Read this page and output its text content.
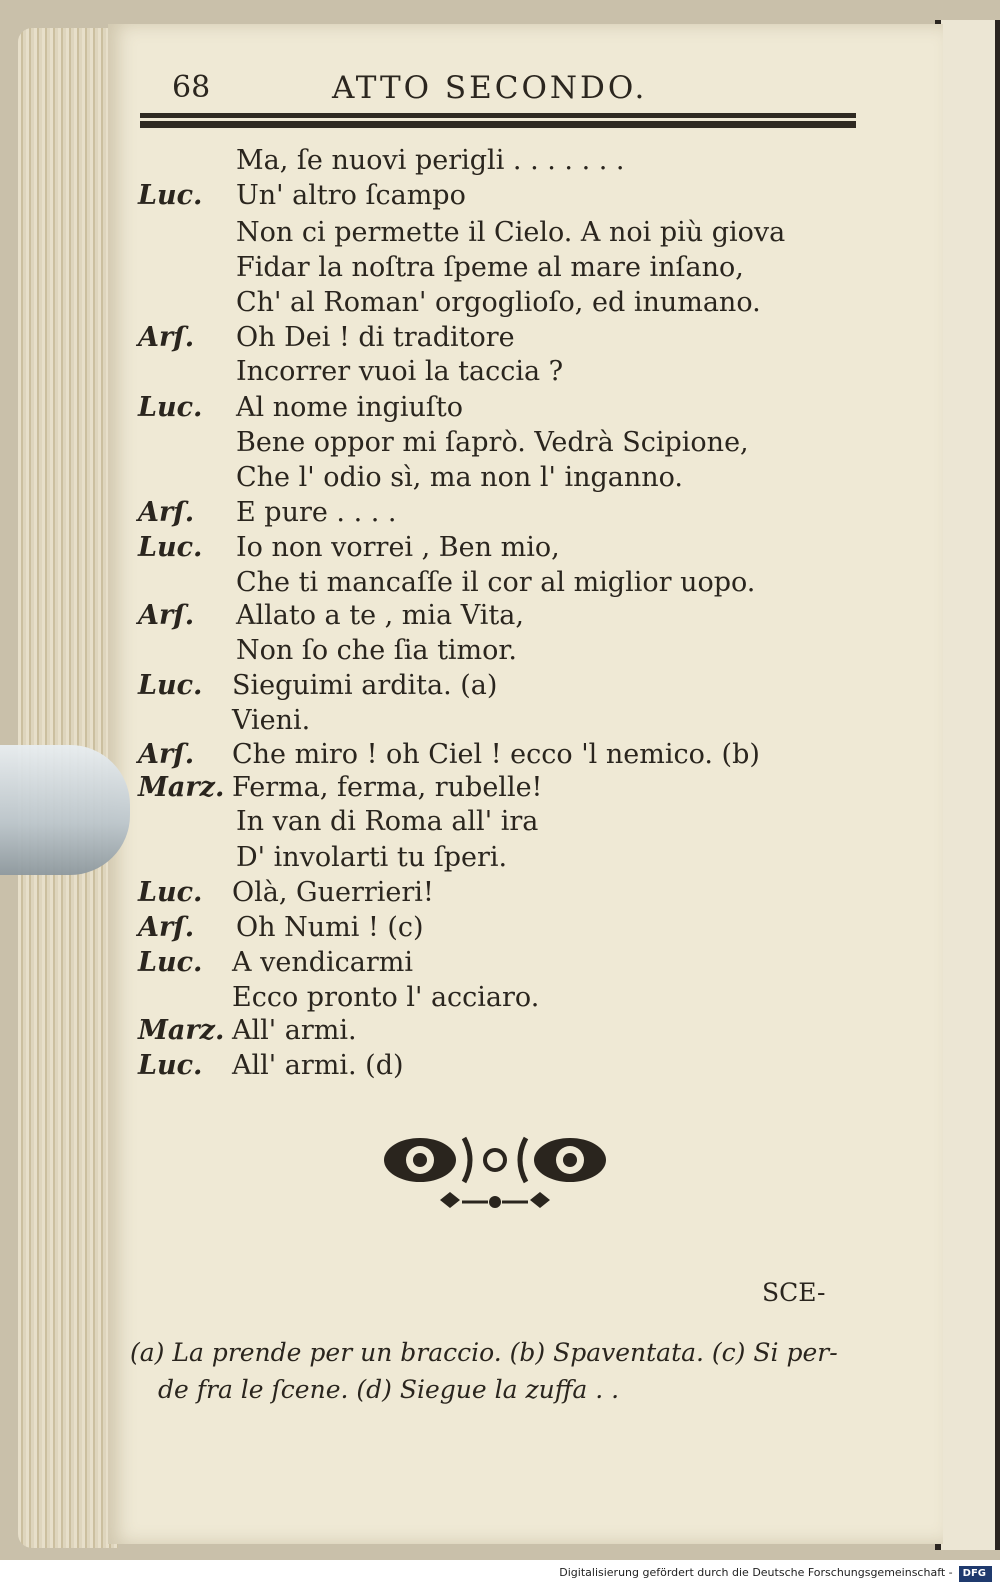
68	ATTO SECONDO.
Ma, ſe nuovi perigli . . . . . . .
Luc. Un' altro ſcampo
Non ci permette il Cielo. A noi più giova
Fidar la noſtra ſpeme al mare inſano,
Ch' al Roman' orgoglioſo, ed inumano.
Arſ. Oh Dei ! di traditore
Incorrer vuoi la taccia ?
Luc. Al nome ingiuſto
Bene oppor mi ſaprò. Vedrà Scipione,
Che l' odio sì, ma non l' inganno.
Arſ. E pure . . . .
Luc. Io non vorrei , Ben mio,
Che ti mancaſſe il cor al miglior uopo.
Arſ. Allato a te , mia Vita,
Non ſo che ſia timor.
Luc. Sieguimi ardita. (a)
Vieni.
Arſ. Che miro ! oh Ciel ! ecco 'l nemico. (b)
Marz. Ferma, ferma, rubelle!
In van di Roma all' ira
D' involarti tu ſperi.
Luc. Olà, Guerrieri!
Arſ. Oh Numi ! (c)
Luc. A vendicarmi
Ecco pronto l' acciaro.
Marz. All' armi.
Luc. All' armi. (d)
SCE-
(a) La prende per un braccio. (b) Spaventata. (c) Si per-
de fra le ſcene. (d) Siegue la zuffa . .
Digitalisierung gefördert durch die Deutsche Forschungsgemeinschaft - DFG
